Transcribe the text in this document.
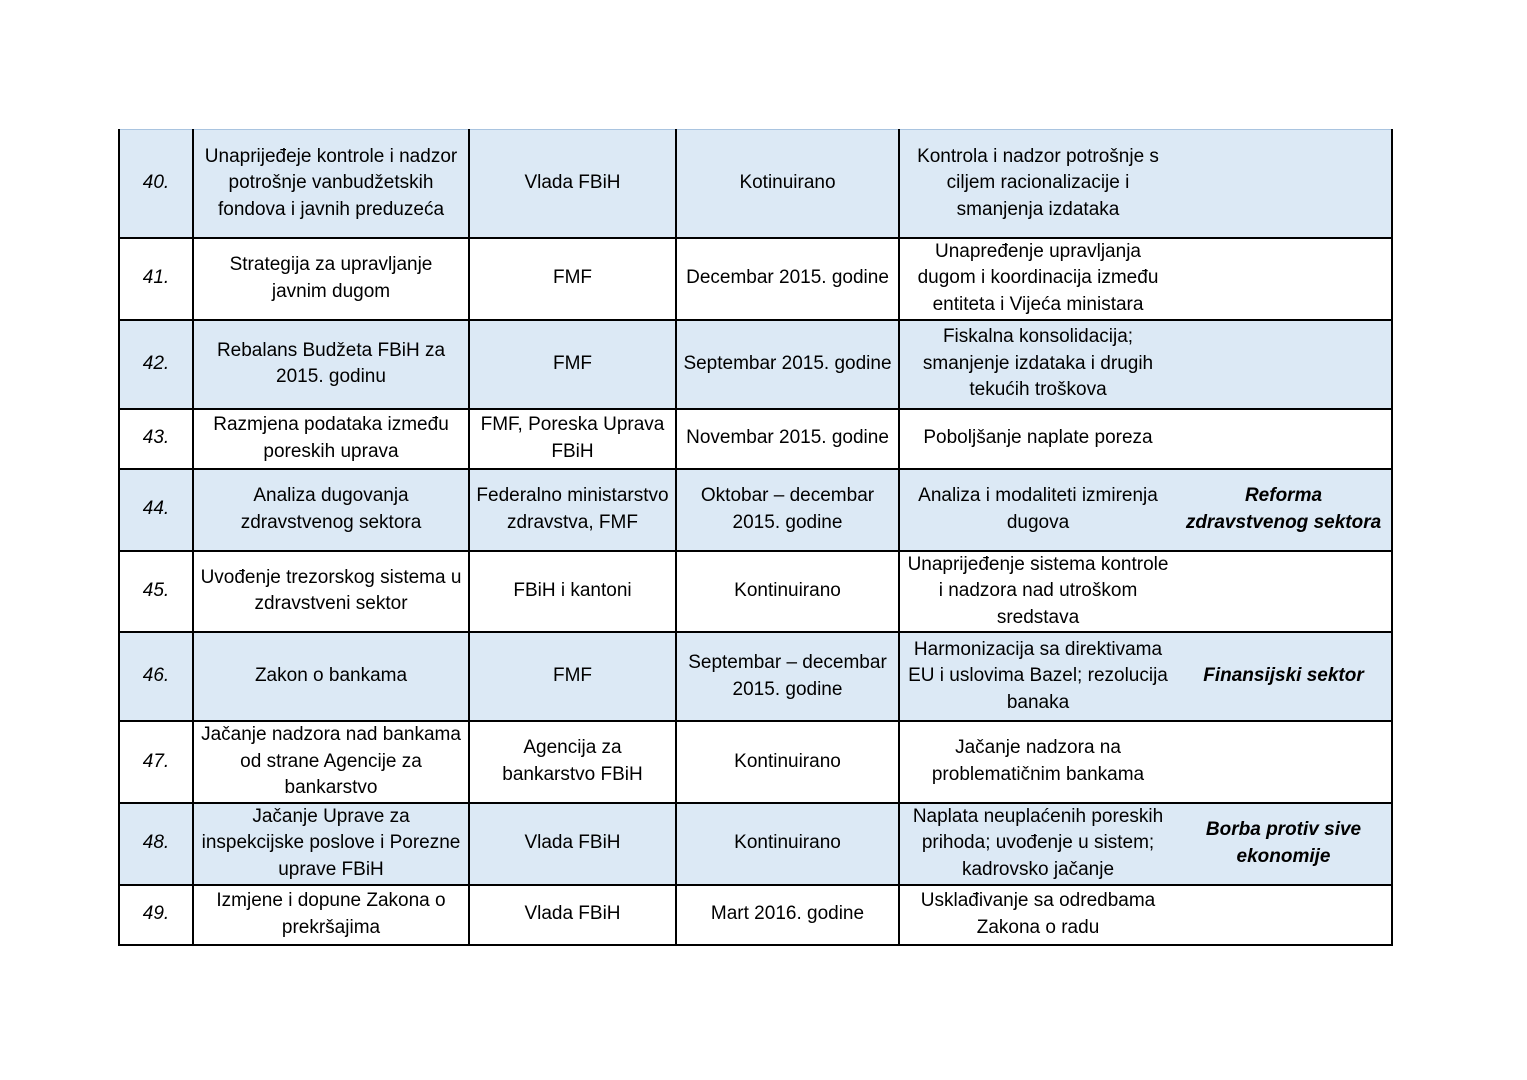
40.	Unaprijeđeje kontrole i nadzor potrošnje vanbudžetskih fondova i javnih preduzeća	Vlada FBiH	Kotinuirano	Kontrola i nadzor potrošnje s ciljem racionalizacije i smanjenja izdataka	
41.	Strategija za upravljanje javnim dugom	FMF	Decembar 2015. godine	Unapređenje upravljanja dugom i koordinacija između entiteta i Vijeća ministara	
42.	Rebalans Budžeta FBiH za 2015. godinu	FMF	Septembar 2015. godine	Fiskalna konsolidacija; smanjenje izdataka i drugih tekućih troškova	
43.	Razmjena podataka između poreskih uprava	FMF, Poreska Uprava FBiH	Novembar 2015. godine	Poboljšanje naplate poreza	
44.	Analiza dugovanja zdravstvenog sektora	Federalno ministarstvo zdravstva, FMF	Oktobar – decembar 2015. godine	Analiza i modaliteti izmirenja dugova	Reforma zdravstvenog sektora
45.	Uvođenje trezorskog sistema u zdravstveni sektor	FBiH i kantoni	Kontinuirano	Unaprijeđenje sistema kontrole i nadzora nad utroškom sredstava	
46.	Zakon o bankama	FMF	Septembar – decembar 2015. godine	Harmonizacija sa direktivama EU i uslovima Bazel; rezolucija banaka	Finansijski sektor
47.	Jačanje nadzora nad bankama od strane Agencije za bankarstvo	Agencija za bankarstvo FBiH	Kontinuirano	Jačanje nadzora na problematičnim bankama	
48.	Jačanje Uprave za inspekcijske poslove i Porezne uprave FBiH	Vlada FBiH	Kontinuirano	Naplata neuplaćenih poreskih prihoda; uvođenje u sistem; kadrovsko jačanje	Borba protiv sive ekonomije
49.	Izmjene i dopune Zakona o prekršajima	Vlada FBiH	Mart 2016. godine	Usklađivanje sa odredbama Zakona o radu	
